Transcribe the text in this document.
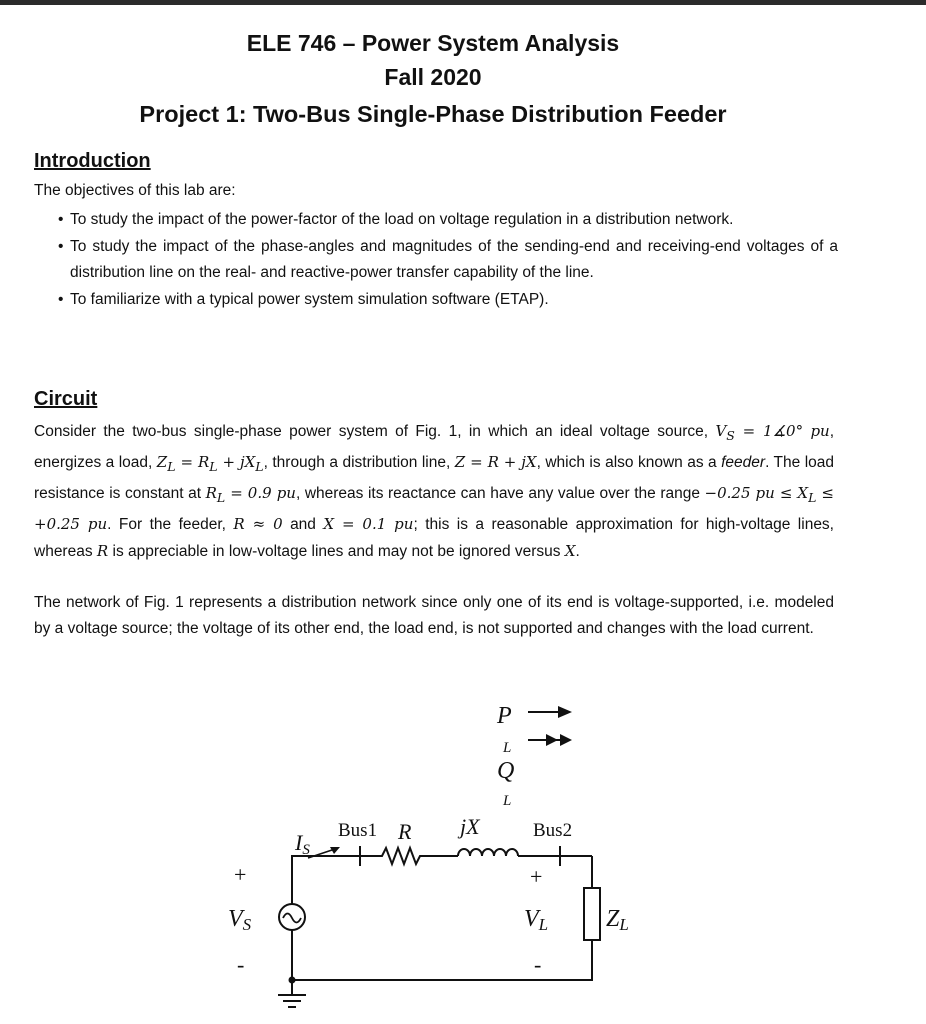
ELE 746 – Power System Analysis
Fall 2020
Project 1: Two-Bus Single-Phase Distribution Feeder
Introduction
The objectives of this lab are:
• To study the impact of the power-factor of the load on voltage regulation in a distribution network.
• To study the impact of the phase-angles and magnitudes of the sending-end and receiving-end voltages of a distribution line on the real- and reactive-power transfer capability of the line.
• To familiarize with a typical power system simulation software (ETAP).
Circuit
Consider the two-bus single-phase power system of Fig. 1, in which an ideal voltage source, $V_S$ = 1∡0° pu, energizes a load, $Z_L = R_L + jX_L$, through a distribution line, Z = R + jX, which is also known as a feeder. The load resistance is constant at $R_L = 0.9$ pu, whereas its reactance can have any value over the range −0.25 pu ≤ $X_L \le +0.25$ pu. For the feeder, R ≈ 0 and X = 0.1 pu; this is a reasonable approximation for high-voltage lines, whereas R is appreciable in low-voltage lines and may not be ignored versus X.
The network of Fig. 1 represents a distribution network since only one of its end is voltage-supported, i.e. modeled by a voltage source; the voltage of its other end, the load end, is not supported and changes with the load current.
P
L
Q
L
Bus1 R jX	Bus2
IS
+
VS
-
+
VL
-
ZL
